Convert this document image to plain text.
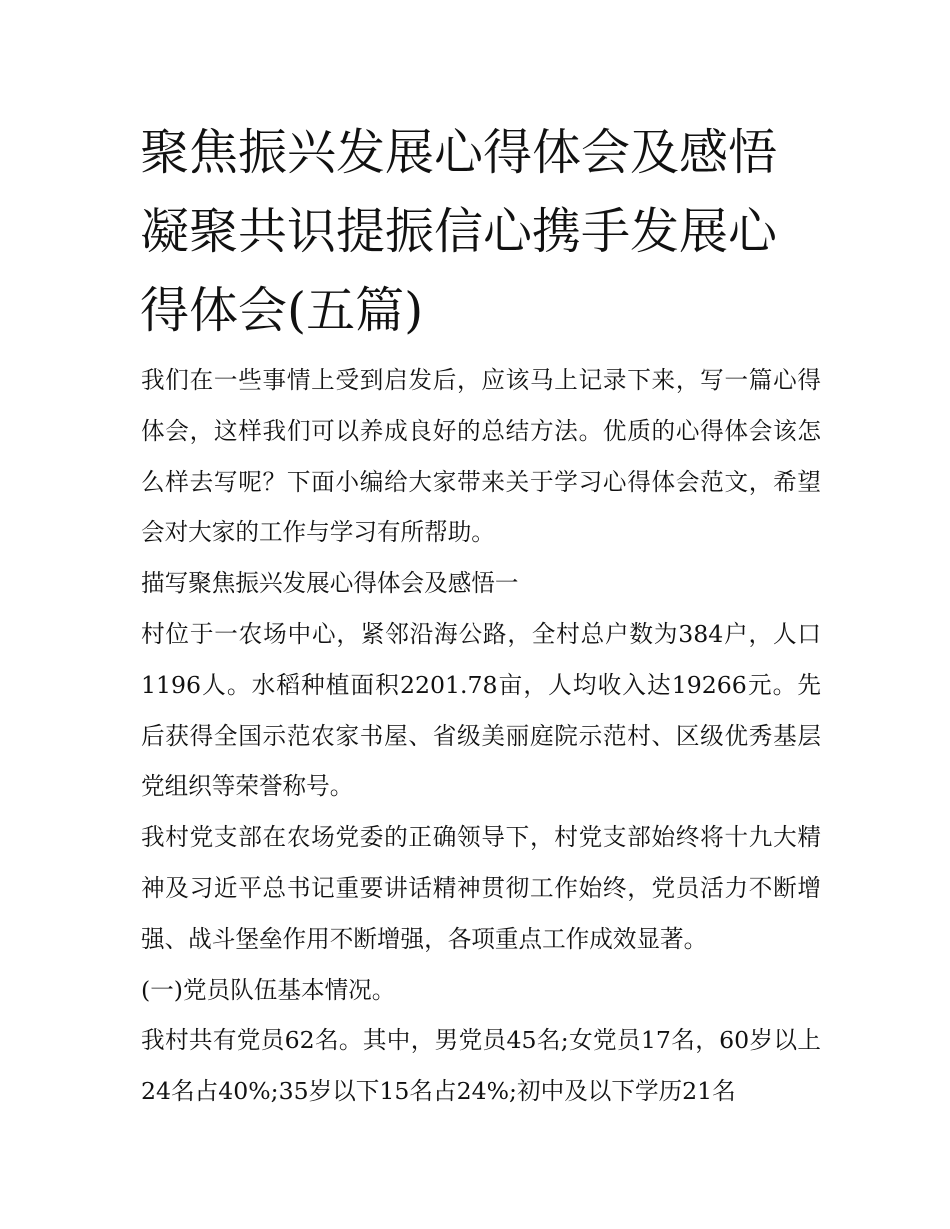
聚焦振兴发展心得体会及感悟凝聚共识提振信心携手发展心得体会(五篇)

我们在一些事情上受到启发后，应该马上记录下来，写一篇心得体会，这样我们可以养成良好的总结方法。优质的心得体会该怎么样去写呢？下面小编给大家带来关于学习心得体会范文，希望会对大家的工作与学习有所帮助。

描写聚焦振兴发展心得体会及感悟一

村位于一农场中心，紧邻沿海公路，全村总户数为384户，人口1196人。水稻种植面积2201.78亩，人均收入达19266元。先后获得全国示范农家书屋、省级美丽庭院示范村、区级优秀基层党组织等荣誉称号。

我村党支部在农场党委的正确领导下，村党支部始终将十九大精神及习近平总书记重要讲话精神贯彻工作始终，党员活力不断增强、战斗堡垒作用不断增强，各项重点工作成效显著。

(一)党员队伍基本情况。

我村共有党员62名。其中，男党员45名;女党员17名，60岁以上24名占40%;35岁以下15名占24%;初中及以下学历21名
